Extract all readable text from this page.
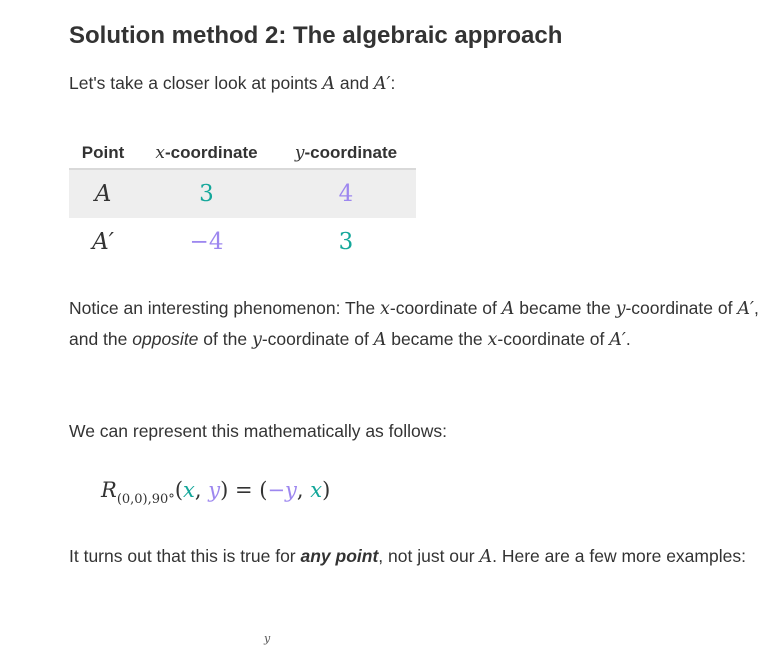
Solution method 2: The algebraic approach

Let's take a closer look at points A and A′:

Point	x-coordinate	y-coordinate
A	3	4
A′	−4	3

Notice an interesting phenomenon: The x-coordinate of A became the y-coordinate of A′, and the opposite of the y-coordinate of A became the x-coordinate of A′.

We can represent this mathematically as follows:

$R_{(0,0),90^\circ}(x$, y) = (−y, x)

It turns out that this is true for any point, not just our A. Here are a few more examples:

y
